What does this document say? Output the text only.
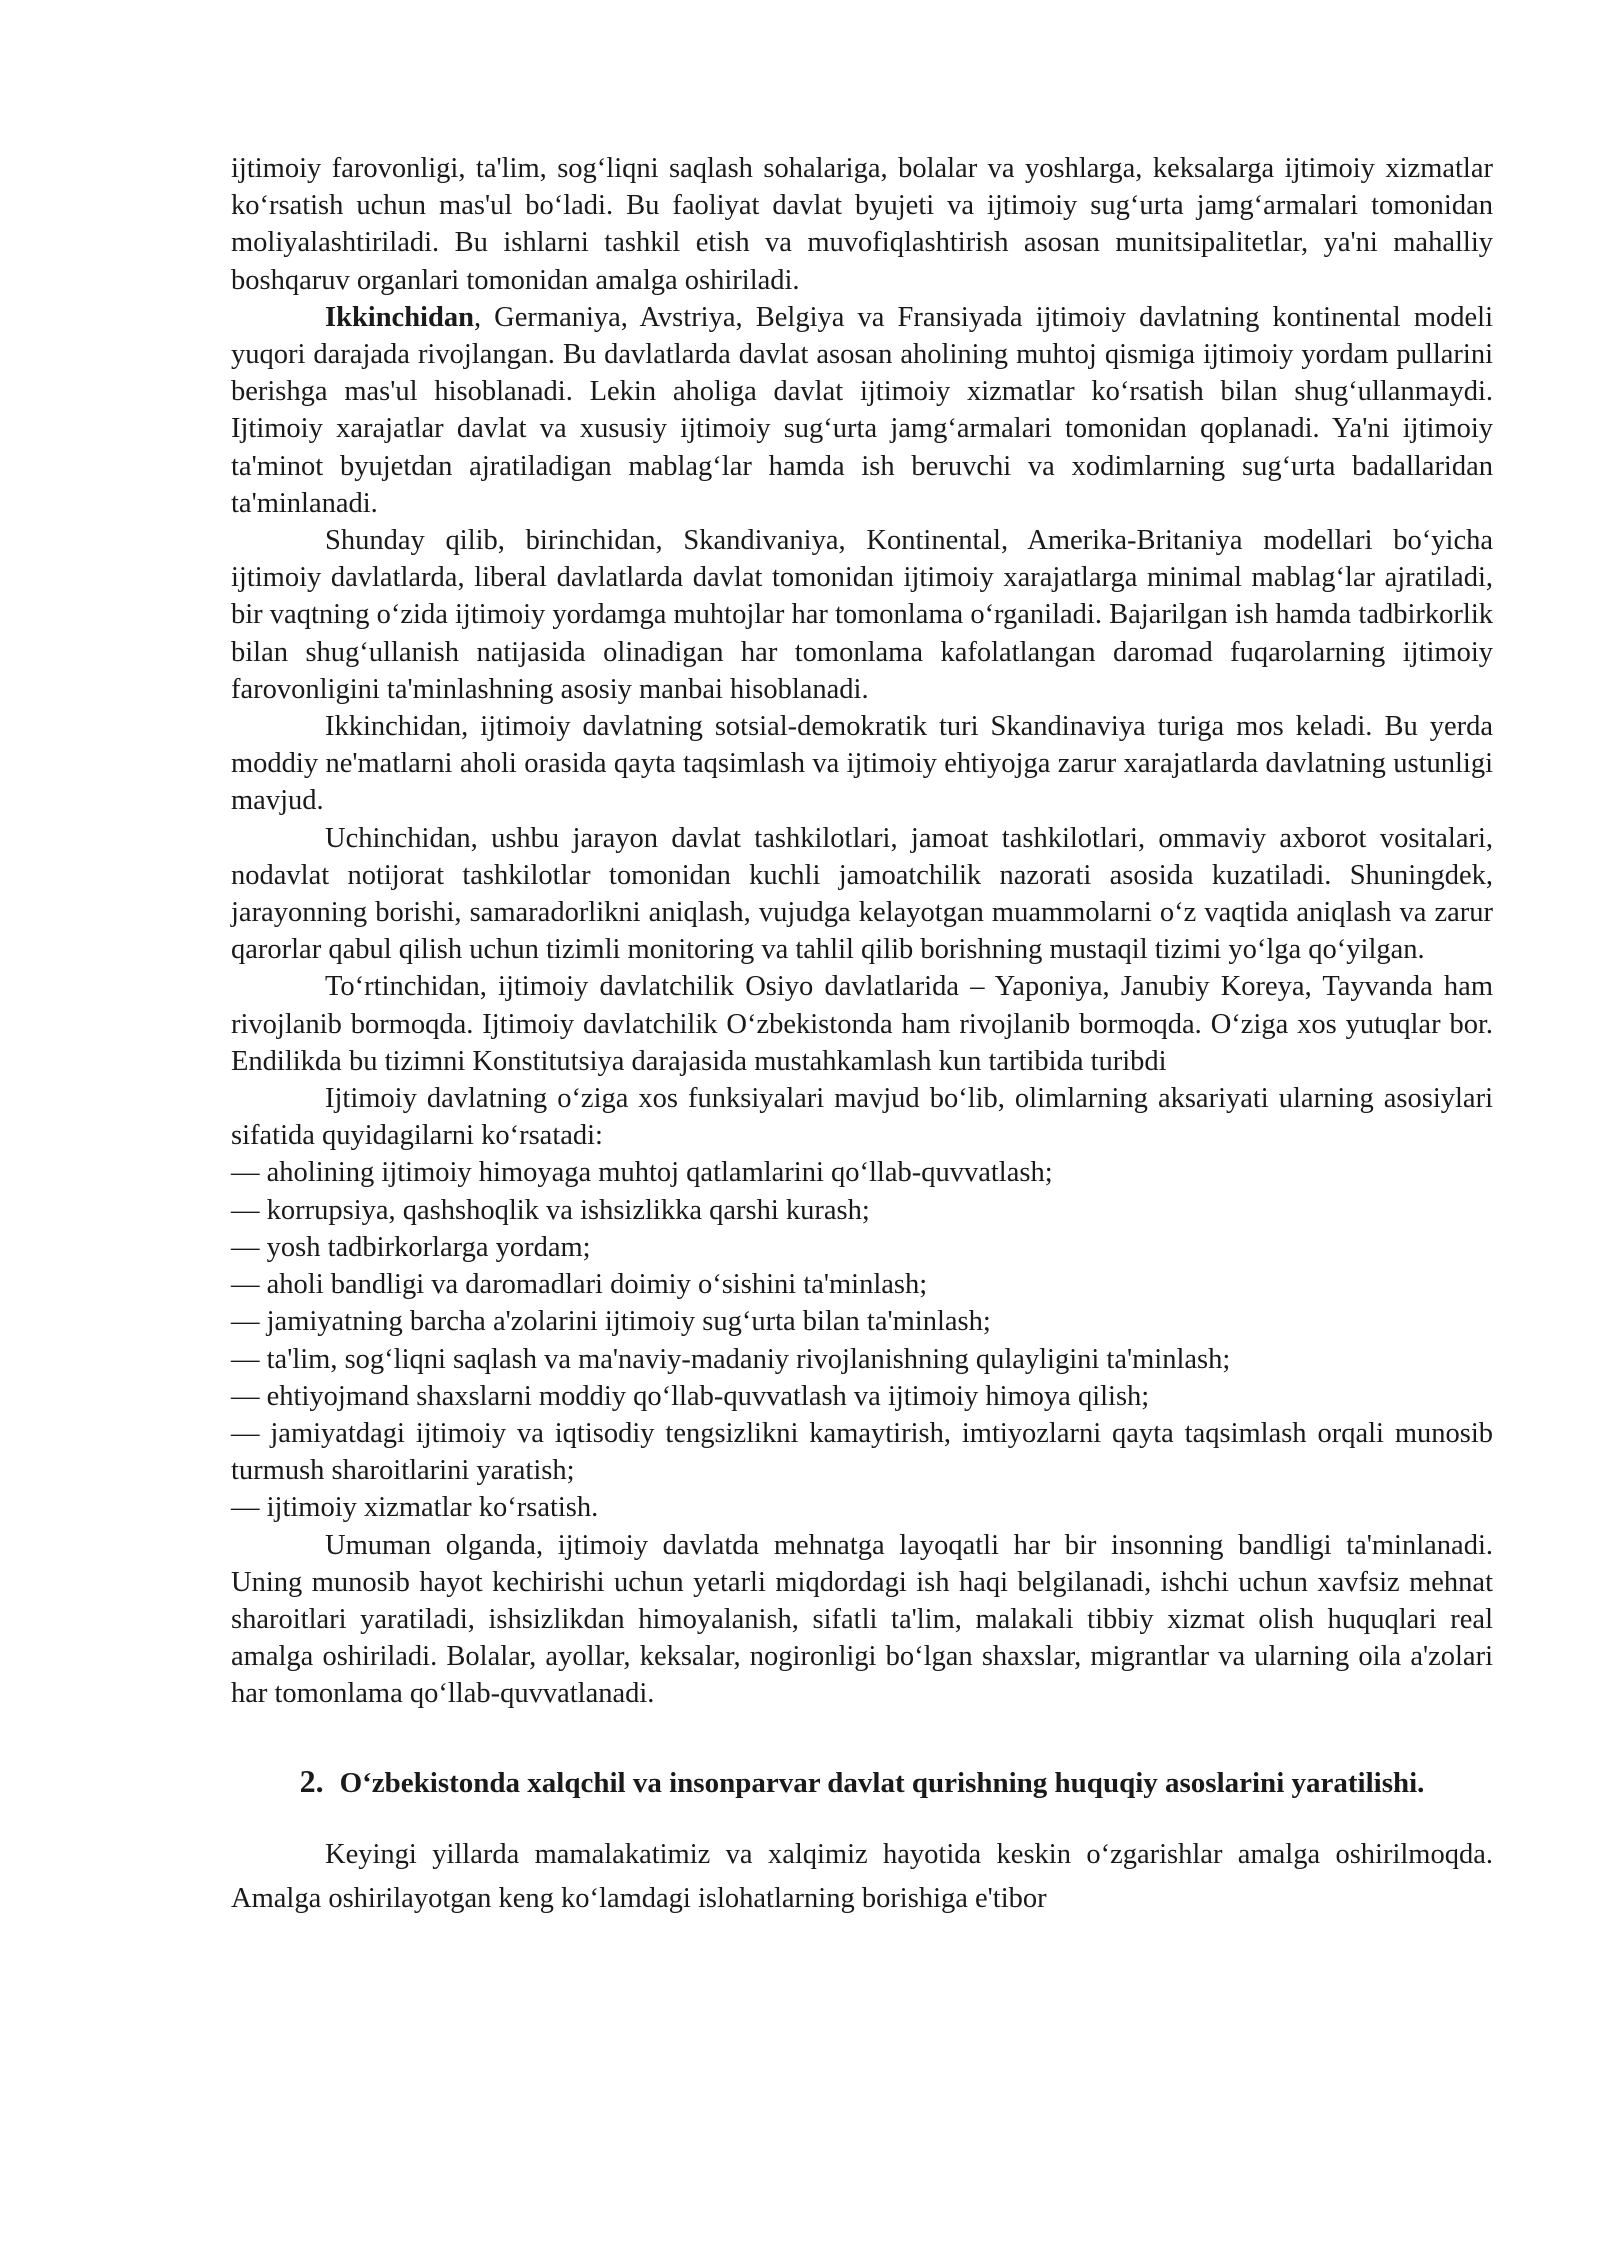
ijtimoiy farovonligi, ta'lim, sog‘liqni saqlash sohalariga, bolalar va yoshlarga, keksalarga ijtimoiy xizmatlar ko‘rsatish uchun mas'ul bo‘ladi. Bu faoliyat davlat byujeti va ijtimoiy sug‘urta jamg‘armalari tomonidan moliyalashtiriladi. Bu ishlarni tashkil etish va muvofiqlashtirish asosan munitsipalitetlar, ya'ni mahalliy boshqaruv organlari tomonidan amalga oshiriladi.

Ikkinchidan, Germaniya, Avstriya, Belgiya va Fransiyada ijtimoiy davlatning kontinental modeli yuqori darajada rivojlangan. Bu davlatlarda davlat asosan aholining muhtoj qismiga ijtimoiy yordam pullarini berishga mas'ul hisoblanadi. Lekin aholiga davlat ijtimoiy xizmatlar ko‘rsatish bilan shug‘ullanmaydi. Ijtimoiy xarajatlar davlat va xususiy ijtimoiy sug‘urta jamg‘armalari tomonidan qoplanadi. Ya'ni ijtimoiy ta'minot byujetdan ajratiladigan mablag‘lar hamda ish beruvchi va xodimlarning sug‘urta badallaridan ta'minlanadi.

Shunday qilib, birinchidan, Skandivaniya, Kontinental, Amerika-Britaniya modellari bo‘yicha ijtimoiy davlatlarda, liberal davlatlarda davlat tomonidan ijtimoiy xarajatlarga minimal mablag‘lar ajratiladi, bir vaqtning o‘zida ijtimoiy yordamga muhtojlar har tomonlama o‘rganiladi. Bajarilgan ish hamda tadbirkorlik bilan shug‘ullanish natijasida olinadigan har tomonlama kafolatlangan daromad fuqarolarning ijtimoiy farovonligini ta'minlashning asosiy manbai hisoblanadi.

Ikkinchidan, ijtimoiy davlatning sotsial-demokratik turi Skandinaviya turiga mos keladi. Bu yerda moddiy ne'matlarni aholi orasida qayta taqsimlash va ijtimoiy ehtiyojga zarur xarajatlarda davlatning ustunligi mavjud.

Uchinchidan, ushbu jarayon davlat tashkilotlari, jamoat tashkilotlari, ommaviy axborot vositalari, nodavlat notijorat tashkilotlar tomonidan kuchli jamoatchilik nazorati asosida kuzatiladi. Shuningdek, jarayonning borishi, samaradorlikni aniqlash, vujudga kelayotgan muammolarni o‘z vaqtida aniqlash va zarur qarorlar qabul qilish uchun tizimli monitoring va tahlil qilib borishning mustaqil tizimi yo‘lga qo‘yilgan.

To‘rtinchidan, ijtimoiy davlatchilik Osiyo davlatlarida – Yaponiya, Janubiy Koreya, Tayvanda ham rivojlanib bormoqda. Ijtimoiy davlatchilik O‘zbekistonda ham rivojlanib bormoqda. O‘ziga xos yutuqlar bor. Endilikda bu tizimni Konstitutsiya darajasida mustahkamlash kun tartibida turibdi

Ijtimoiy davlatning o‘ziga xos funksiyalari mavjud bo‘lib, olimlarning aksariyati ularning asosiylari sifatida quyidagilarni ko‘rsatadi:

— aholining ijtimoiy himoyaga muhtoj qatlamlarini qo‘llab-quvvatlash;
— korrupsiya, qashshoqlik va ishsizlikka qarshi kurash;
— yosh tadbirkorlarga yordam;
— aholi bandligi va daromadlari doimiy o‘sishini ta'minlash;
— jamiyatning barcha a'zolarini ijtimoiy sug‘urta bilan ta'minlash;
— ta'lim, sog‘liqni saqlash va ma'naviy-madaniy rivojlanishning qulayligini ta'minlash;
— ehtiyojmand shaxslarni moddiy qo‘llab-quvvatlash va ijtimoiy himoya qilish;
— jamiyatdagi ijtimoiy va iqtisodiy tengsizlikni kamaytirish, imtiyozlarni qayta taqsimlash orqali munosib turmush sharoitlarini yaratish;
— ijtimoiy xizmatlar ko‘rsatish.

Umuman olganda, ijtimoiy davlatda mehnatga layoqatli har bir insonning bandligi ta'minlanadi. Uning munosib hayot kechirishi uchun yetarli miqdordagi ish haqi belgilanadi, ishchi uchun xavfsiz mehnat sharoitlari yaratiladi, ishsizlikdan himoyalanish, sifatli ta'lim, malakali tibbiy xizmat olish huquqlari real amalga oshiriladi. Bolalar, ayollar, keksalar, nogironligi bo‘lgan shaxslar, migrantlar va ularning oila a'zolari har tomonlama qo‘llab-quvvatlanadi.

2. O‘zbekistonda xalqchil va insonparvar davlat qurishning huquqiy asoslarini yaratilishi.

Keyingi yillarda mamalakatimiz va xalqimiz hayotida keskin o‘zgarishlar amalga oshirilmoqda. Amalga oshirilayotgan keng ko‘lamdagi islohatlarning borishiga e'tibor
